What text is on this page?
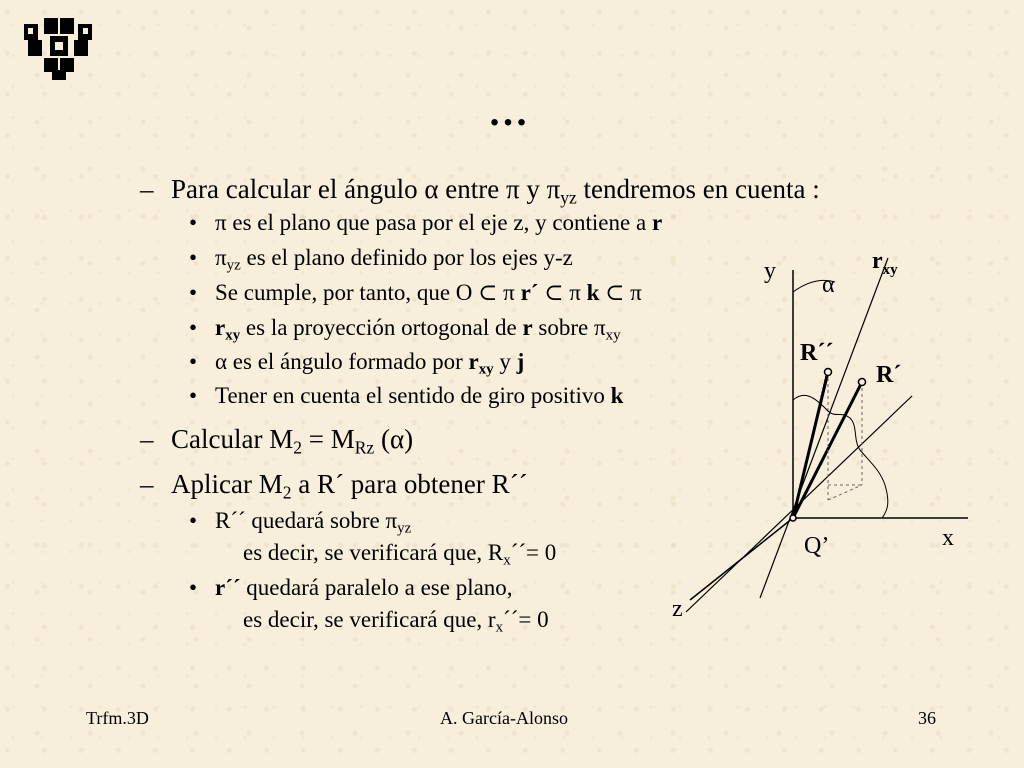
…
– Para calcular el ángulo α entre π y $\pi_{yz}$ tendremos en cuenta :
• π es el plano que pasa por el eje z, y contiene a r
• $\pi_{yz}$ es el plano definido por los ejes y-z
• Se cumple, por tanto, que O ⊂ π r´ ⊂ π k ⊂ π
• $r_{xy}$ es la proyección ortogonal de r sobre $\pi_{xy}$
• α es el ángulo formado por $r_{xy}$ y j
• Tener en cuenta el sentido de giro positivo k
– Calcular $M_2 = M_{Rz}$ (α)
– Aplicar $M_2$ a R´ para obtener R´´
• R´´ quedará sobre $\pi_{yz}$
es decir, se verificará que, $R_x´´= 0$
• r´´ quedará paralelo a ese plano,
es decir, se verificará que, $r_x´´= 0$
y	$r_{xy}$
α
R´´
R´
Q’	x
z
Trfm.3D	A. García-Alonso	36
